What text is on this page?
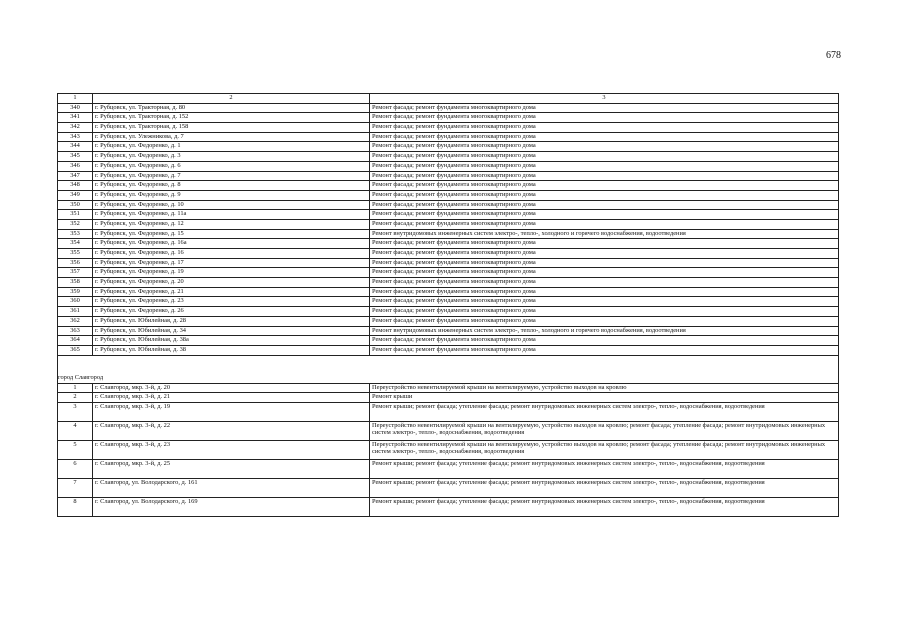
678
1	2	3
340	г. Рубцовск, ул. Тракторная, д. 80	Ремонт фасада; ремонт фундамента многоквартирного дома
341	г. Рубцовск, ул. Тракторная, д. 152	Ремонт фасада; ремонт фундамента многоквартирного дома
342	г. Рубцовск, ул. Тракторная, д. 158	Ремонт фасада; ремонт фундамента многоквартирного дома
343	г. Рубцовск, ул. Улежникова, д. 7	Ремонт фасада; ремонт фундамента многоквартирного дома
344	г. Рубцовск, ул. Федоренко, д. 1	Ремонт фасада; ремонт фундамента многоквартирного дома
345	г. Рубцовск, ул. Федоренко, д. 3	Ремонт фасада; ремонт фундамента многоквартирного дома
346	г. Рубцовск, ул. Федоренко, д. 6	Ремонт фасада; ремонт фундамента многоквартирного дома
347	г. Рубцовск, ул. Федоренко, д. 7	Ремонт фасада; ремонт фундамента многоквартирного дома
348	г. Рубцовск, ул. Федоренко, д. 8	Ремонт фасада; ремонт фундамента многоквартирного дома
349	г. Рубцовск, ул. Федоренко, д. 9	Ремонт фасада; ремонт фундамента многоквартирного дома
350	г. Рубцовск, ул. Федоренко, д. 10	Ремонт фасада; ремонт фундамента многоквартирного дома
351	г. Рубцовск, ул. Федоренко, д. 11а	Ремонт фасада; ремонт фундамента многоквартирного дома
352	г. Рубцовск, ул. Федоренко, д. 12	Ремонт фасада; ремонт фундамента многоквартирного дома
353	г. Рубцовск, ул. Федоренко, д. 15	Ремонт внутридомовых инженерных систем электро-, тепло-, холодного и горячего водоснабжения, водоотведения
354	г. Рубцовск, ул. Федоренко, д. 16а	Ремонт фасада; ремонт фундамента многоквартирного дома
355	г. Рубцовск, ул. Федоренко, д. 16	Ремонт фасада; ремонт фундамента многоквартирного дома
356	г. Рубцовск, ул. Федоренко, д. 17	Ремонт фасада; ремонт фундамента многоквартирного дома
357	г. Рубцовск, ул. Федоренко, д. 19	Ремонт фасада; ремонт фундамента многоквартирного дома
358	г. Рубцовск, ул. Федоренко, д. 20	Ремонт фасада; ремонт фундамента многоквартирного дома
359	г. Рубцовск, ул. Федоренко, д. 21	Ремонт фасада; ремонт фундамента многоквартирного дома
360	г. Рубцовск, ул. Федоренко, д. 23	Ремонт фасада; ремонт фундамента многоквартирного дома
361	г. Рубцовск, ул. Федоренко, д. 26	Ремонт фасада; ремонт фундамента многоквартирного дома
362	г. Рубцовск, ул. Юбилейная, д. 28	Ремонт фасада; ремонт фундамента многоквартирного дома
363	г. Рубцовск, ул. Юбилейная, д. 34	Ремонт внутридомовых инженерных систем электро-, тепло-, холодного и горячего водоснабжения, водоотведения
364	г. Рубцовск, ул. Юбилейная, д. 38а	Ремонт фасада; ремонт фундамента многоквартирного дома
365	г. Рубцовск, ул. Юбилейная, д. 38	Ремонт фасада; ремонт фундамента многоквартирного дома

город Славгород		
1	г. Славгород, мкр. 3-й, д. 20	Переустройство невентилируемой крыши на вентилируемую, устройство выходов на кровлю
2	г. Славгород, мкр. 3-й, д. 21	Ремонт крыши
3	г. Славгород, мкр. 3-й, д. 19	Ремонт крыши; ремонт фасада; утепление фасада; ремонт внутридомовых инженерных систем электро-, тепло-, водоснабжения, водоотведения
4	г. Славгород, мкр. 3-й, д. 22	Переустройство невентилируемой крыши на вентилируемую, устройство выходов на кровлю; ремонт фасада; утепление фасада; ремонт внутридомовых инженерных систем электро-, тепло-, водоснабжения, водоотведения
5	г. Славгород, мкр. 3-й, д. 23	Переустройство невентилируемой крыши на вентилируемую, устройство выходов на кровлю; ремонт фасада; утепление фасада; ремонт внутридомовых инженерных систем электро-, тепло-, водоснабжения, водоотведения
6	г. Славгород, мкр. 3-й, д. 25	Ремонт крыши; ремонт фасада; утепление фасада; ремонт внутридомовых инженерных систем электро-, тепло-, водоснабжения, водоотведения
7	г. Славгород, ул. Володарского, д. 161	Ремонт крыши; ремонт фасада; утепление фасада; ремонт внутридомовых инженерных систем электро-, тепло-, водоснабжения, водоотведения
8	г. Славгород, ул. Володарского, д. 169	Ремонт крыши; ремонт фасада; утепление фасада; ремонт внутридомовых инженерных систем электро-, тепло-, водоснабжения, водоотведения
